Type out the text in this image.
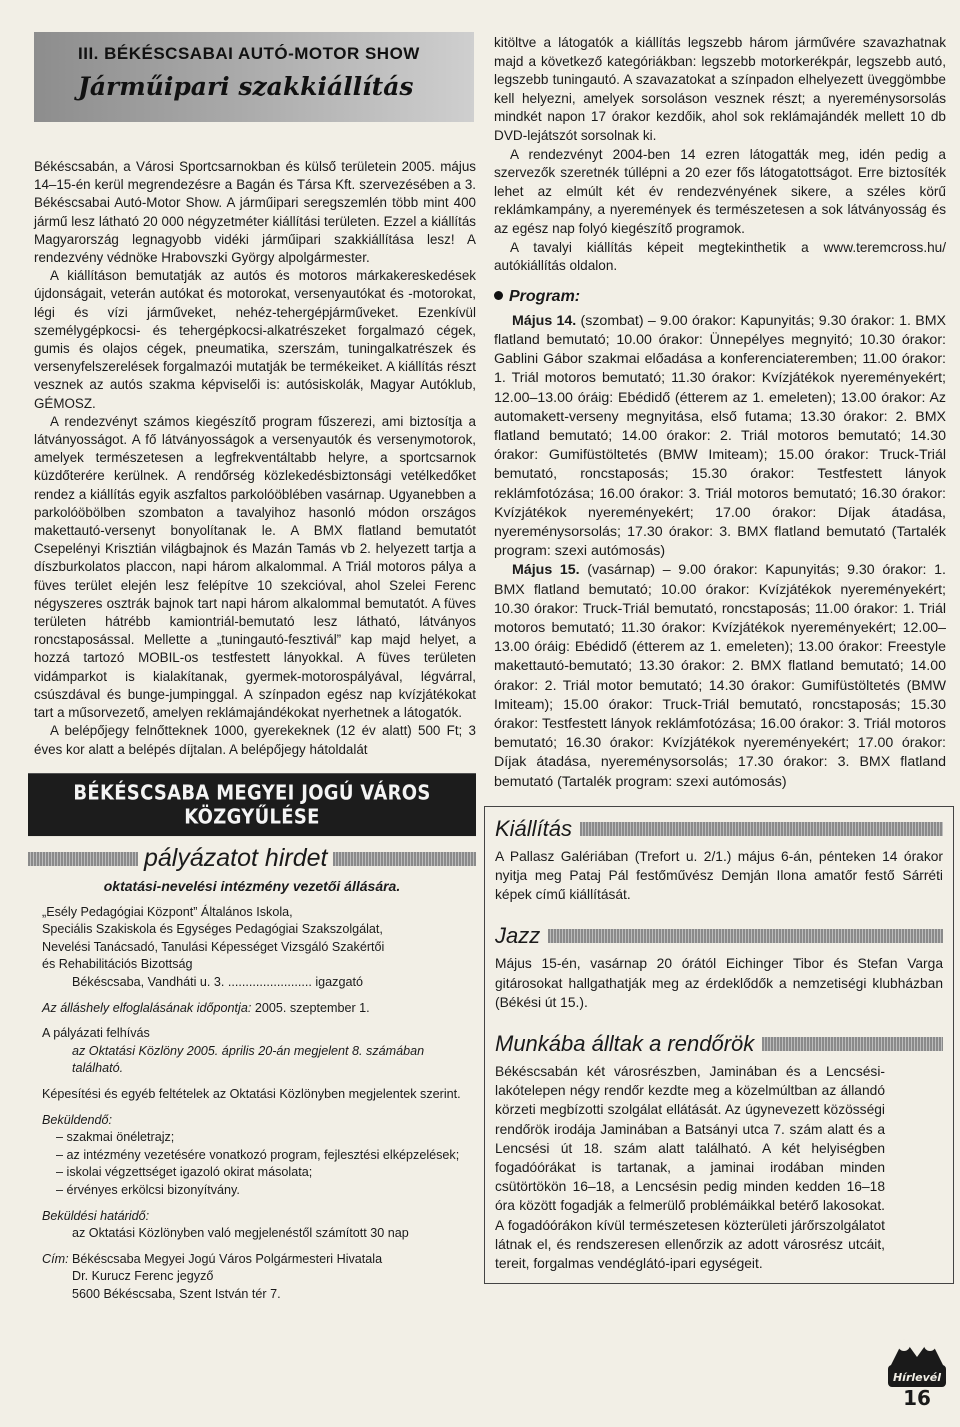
III. BÉKÉSCSABAI AUTÓ-MOTOR SHOW
Járműipari szakkiállítás

Békéscsabán, a Városi Sportcsarnokban és külső területein 2005. május 14–15-én kerül megrendezésre a Bagán és Társa Kft. szervezésében a 3. Békéscsabai Autó-Motor Show. A járműipari seregszemlén több mint 400 jármű lesz látható 20 000 négyzetméter kiállítási területen. Ezzel a kiállítás Magyarország legnagyobb vidéki járműipari szakkiállítása lesz! A rendezvény védnöke Hrabovszki György alpolgármester.

A kiállításon bemutatják az autós és motoros márkakereskedések újdonságait, veterán autókat és motorokat, versenyautókat és -motorokat, légi és vízi járműveket, nehéz-tehergépjárműveket. Ezenkívül személygépkocsi- és tehergépkocsi-alkatrészeket forgalmazó cégek, gumis és olajos cégek, pneumatika, szerszám, tuningalkatrészek és versenyfelszerelések forgalmazói mutatják be termékeiket. A kiállítás részt vesznek az autós szakma képviselői is: autósiskolák, Magyar Autóklub, GÉMOSZ.

A rendezvényt számos kiegészítő program fűszerezi, ami biztosítja a látványosságot. A fő látványosságok a versenyautók és versenymotorok, amelyek természetesen a legfrekventáltabb helyre, a sportcsarnok küzdőterére kerülnek. A rendőrség közlekedésbiztonsági vetélkedőket rendez a kiállítás egyik aszfaltos parkolóöblében vasárnap. Ugyanebben a parkolóöbölben szombaton a tavalyihoz hasonló módon országos makettautó-versenyt bonyolítanak le. A BMX flatland bemutatót Csepelényi Krisztián világbajnok és Mazán Tamás vb 2. helyezett tartja a díszburkolatos placcon, napi három alkalommal. A Triál motoros pálya a füves terület elején lesz felépítve 10 szekcióval, ahol Szelei Ferenc négyszeres osztrák bajnok tart napi három alkalommal bemutatót. A füves területen hátrébb kamiontriál-bemutató lesz látható, látványos roncstaposással. Mellette a „tuningautó-fesztivál” kap majd helyet, a hozzá tartozó MOBIL-os testfestett lányokkal. A füves területen vidámparkot is kialakítanak, gyermek-motorospályával, légvárral, csúszdával és bunge-jumpinggal. A színpadon egész nap kvízjátékokat tart a műsorvezető, amelyen reklámajándékokat nyerhetnek a látogatók.

A belépőjegy felnőtteknek 1000, gyerekeknek (12 év alatt) 500 Ft; 3 éves kor alatt a belépés díjtalan. A belépőjegy hátoldalát

BÉKÉSCSABA MEGYEI JOGÚ VÁROS KÖZGYŰLÉSE
pályázatot hirdet
oktatási-nevelési intézmény vezetői állására.
„Esély Pedagógiai Központ” Általános Iskola,
Speciális Szakiskola és Egységes Pedagógiai Szakszolgálat,
Nevelési Tanácsadó, Tanulási Képességet Vizsgáló Szakértői
és Rehabilitációs Bizottság
Békéscsaba, Vandháti u. 3. ........................ igazgató
Az álláshely elfoglalásának időpontja: 2005. szeptember 1.
A pályázati felhívás
az Oktatási Közlöny 2005. április 20-án megjelent 8. számában található.
Képesítési és egyéb feltételek az Oktatási Közlönyben megjelentek szerint.
Beküldendő:
– szakmai önéletrajz;
– az intézmény vezetésére vonatkozó program, fejlesztési elképzelések;
– iskolai végzettséget igazoló okirat másolata;
– érvényes erkölcsi bizonyítvány.
Beküldési határidő:
az Oktatási Közlönyben való megjelenéstől számított 30 nap
Cím: Békéscsaba Megyei Jogú Város Polgármesteri Hivatala
Dr. Kurucz Ferenc jegyző
5600 Békéscsaba, Szent István tér 7.

kitöltve a látogatók a kiállítás legszebb három járművére szavazhatnak majd a következő kategóriákban: legszebb motorkerékpár, legszebb autó, legszebb tuningautó. A szavazatokat a színpadon elhelyezett üveggömbbe kell helyezni, amelyek sorsoláson vesznek részt; a nyereménysorsolás mindkét napon 17 órakor kezdőik, ahol sok reklámajándék mellett 10 db DVD-lejátszót sorsolnak ki.

A rendezvényt 2004-ben 14 ezren látogatták meg, idén pedig a szervezők szeretnék túllépni a 20 ezer fős látogatottságot. Erre biztosíték lehet az elmúlt két év rendezvényének sikere, a széles körű reklámkampány, a nyeremények és természetesen a sok látványosság és az egész nap folyó kiegészítő programok.

A tavalyi kiállítás képeit megtekinthetik a www.teremcross.hu/ autókiállítás oldalon.

Program:

Május 14. (szombat) – 9.00 órakor: Kapunyitás; 9.30 órakor: 1. BMX flatland bemutató; 10.00 órakor: Ünnepélyes megnyitó; 10.30 órakor: Gablini Gábor szakmai előadása a konferenciateremben; 11.00 órakor: 1. Triál motoros bemutató; 11.30 órakor: Kvízjátékok nyereményekért; 12.00–13.00 óráig: Ebédidő (étterem az 1. emeleten); 13.00 órakor: Az automakett-verseny megnyitása, első futama; 13.30 órakor: 2. BMX flatland bemutató; 14.00 órakor: 2. Triál motoros bemutató; 14.30 órakor: Gumifüstöltetés (BMW Imiteam); 15.00 órakor: Truck-Triál bemutató, roncstaposás; 15.30 órakor: Testfestett lányok reklámfotózása; 16.00 órakor: 3. Triál motoros bemutató; 16.30 órakor: Kvízjátékok nyereményekért; 17.00 órakor: Díjak átadása, nyereménysorsolás; 17.30 órakor: 3. BMX flatland bemutató (Tartalék program: szexi autómosás)

Május 15. (vasárnap) – 9.00 órakor: Kapunyitás; 9.30 órakor: 1. BMX flatland bemutató; 10.00 órakor: Kvízjátékok nyereményekért; 10.30 órakor: Truck-Triál bemutató, roncstaposás; 11.00 órakor: 1. Triál motoros bemutató; 11.30 órakor: Kvízjátékok nyereményekért; 12.00–13.00 óráig: Ebédidő (étterem az 1. emeleten); 13.00 órakor: Freestyle makettautó-bemutató; 13.30 órakor: 2. BMX flatland bemutató; 14.00 órakor: 2. Triál motor bemutató; 14.30 órakor: Gumifüstöltetés (BMW Imiteam); 15.00 órakor: Truck-Triál bemutató, roncstaposás; 15.30 órakor: Testfestett lányok reklámfotózása; 16.00 órakor: 3. Triál motoros bemutató; 16.30 órakor: Kvízjátékok nyereményekért; 17.00 órakor: Díjak átadása, nyereménysorsolás; 17.30 órakor: 3. BMX flatland bemutató (Tartalék program: szexi autómosás)

Kiállítás

A Pallasz Galériában (Trefort u. 2/1.) május 6-án, pénteken 14 órakor nyitja meg Pataj Pál festőművész Demján Ilona amatőr festő Sárréti képek című kiállítását.

Jazz

Május 15-én, vasárnap 20 órától Eichinger Tibor és Stefan Varga gitárosokat hallgathatják meg az érdeklődők a nemzetiségi klubházban (Békési út 15.).

Munkába álltak a rendőrök

Békéscsabán két városrészben, Jaminában és a Lencsési-lakótelepen négy rendőr kezdte meg a közelmúltban az állandó körzeti megbízotti szolgálat ellátását. Az úgynevezett közösségi rendőrök irodája Jaminában a Batsányi utca 7. szám alatt és a Lencsési út 18. szám alatt található. A két helyiségben fogadóórákat is tartanak, a jaminai irodában minden csütörtökön 16–18, a Lencsésin pedig minden kedden 16–18 óra között fogadják a felmerülő problémáikkal betérő lakosokat. A fogadóórákon kívül természetesen közterületi járőrszolgálatot látnak el, és rendszeresen ellenőrzik az adott városrész utcáit, tereit, forgalmas vendéglátó-ipari egységeit.

Hírlevél
16
